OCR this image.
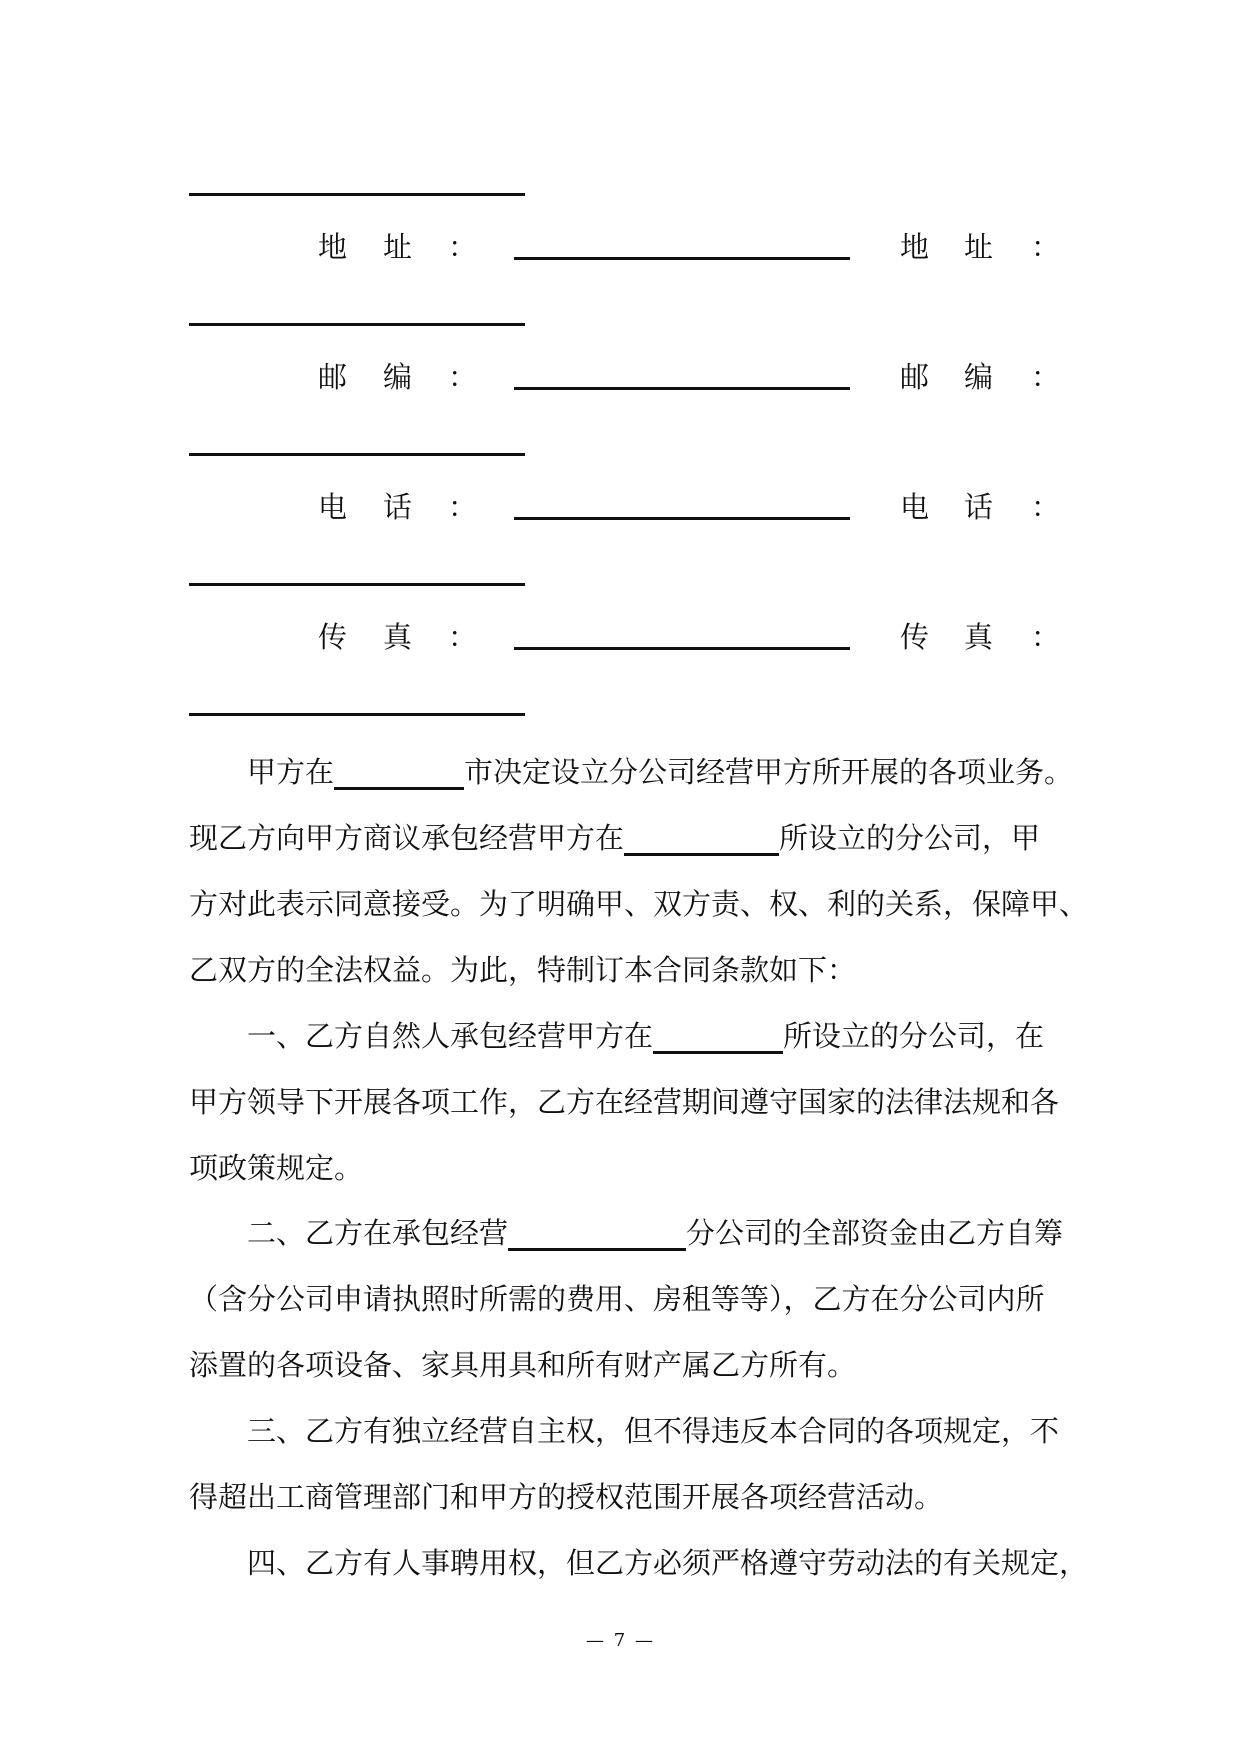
地 址 ：	地 址 ：
邮 编 ：	邮 编 ：
电 话 ：	电 话 ：
传 真 ：	传 真 ：
甲方在	市决定设立分公司经营甲方所开展的各项业务。
现乙方向甲方商议承包经营甲方在	所设立的分公司，甲
方对此表示同意接受。为了明确甲、双方责、权、利的关系，保障甲、
乙双方的全法权益。为此，特制订本合同条款如下：
一、乙方自然人承包经营甲方在	所设立的分公司，在
甲方领导下开展各项工作，乙方在经营期间遵守国家的法律法规和各
项政策规定。
二、乙方在承包经营	分公司的全部资金由乙方自筹
（含分公司申请执照时所需的费用、房租等等），乙方在分公司内所
添置的各项设备、家具用具和所有财产属乙方所有。
三、乙方有独立经营自主权，但不得违反本合同的各项规定，不
得超出工商管理部门和甲方的授权范围开展各项经营活动。
四、乙方有人事聘用权，但乙方必须严格遵守劳动法的有关规定，
— 7 —
